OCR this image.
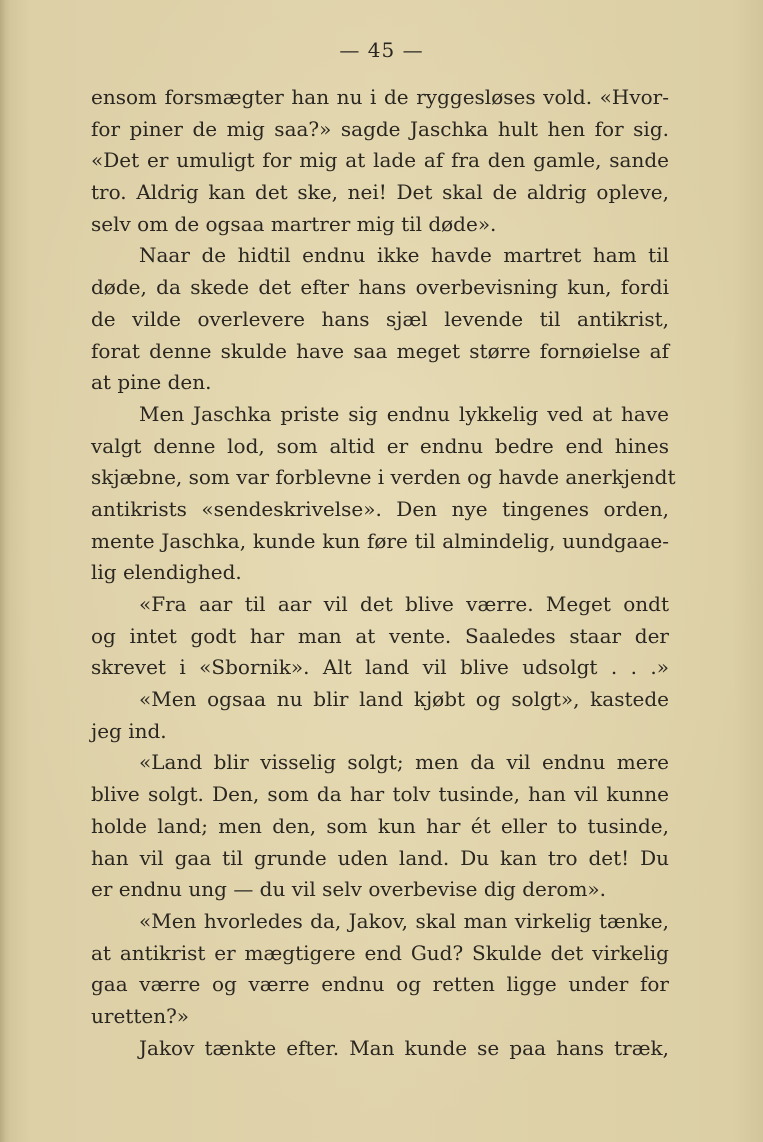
— 45 —
ensom forsmægter han nu i de ryggesløses vold. «Hvor-
for piner de mig saa?» sagde Jaschka hult hen for sig.
«Det er umuligt for mig at lade af fra den gamle, sande
tro. Aldrig kan det ske, nei! Det skal de aldrig opleve,
selv om de ogsaa martrer mig til døde».
Naar de hidtil endnu ikke havde martret ham til
døde, da skede det efter hans overbevisning kun, fordi
de vilde overlevere hans sjæl levende til antikrist,
forat denne skulde have saa meget større fornøielse af
at pine den.
Men Jaschka priste sig endnu lykkelig ved at have
valgt denne lod, som altid er endnu bedre end hines
skjæbne, som var forblevne i verden og havde anerkjendt
antikrists «sendeskrivelse». Den nye tingenes orden,
mente Jaschka, kunde kun føre til almindelig, uundgaae-
lig elendighed.
«Fra aar til aar vil det blive værre. Meget ondt
og intet godt har man at vente. Saaledes staar der
skrevet i «Sbornik». Alt land vil blive udsolgt . . .»
«Men ogsaa nu blir land kjøbt og solgt», kastede
jeg ind.
«Land blir visselig solgt; men da vil endnu mere
blive solgt. Den, som da har tolv tusinde, han vil kunne
holde land; men den, som kun har ét eller to tusinde,
han vil gaa til grunde uden land. Du kan tro det! Du
er endnu ung — du vil selv overbevise dig derom».
«Men hvorledes da, Jakov, skal man virkelig tænke,
at antikrist er mægtigere end Gud? Skulde det virkelig
gaa værre og værre endnu og retten ligge under for
uretten?»
Jakov tænkte efter. Man kunde se paa hans træk,
